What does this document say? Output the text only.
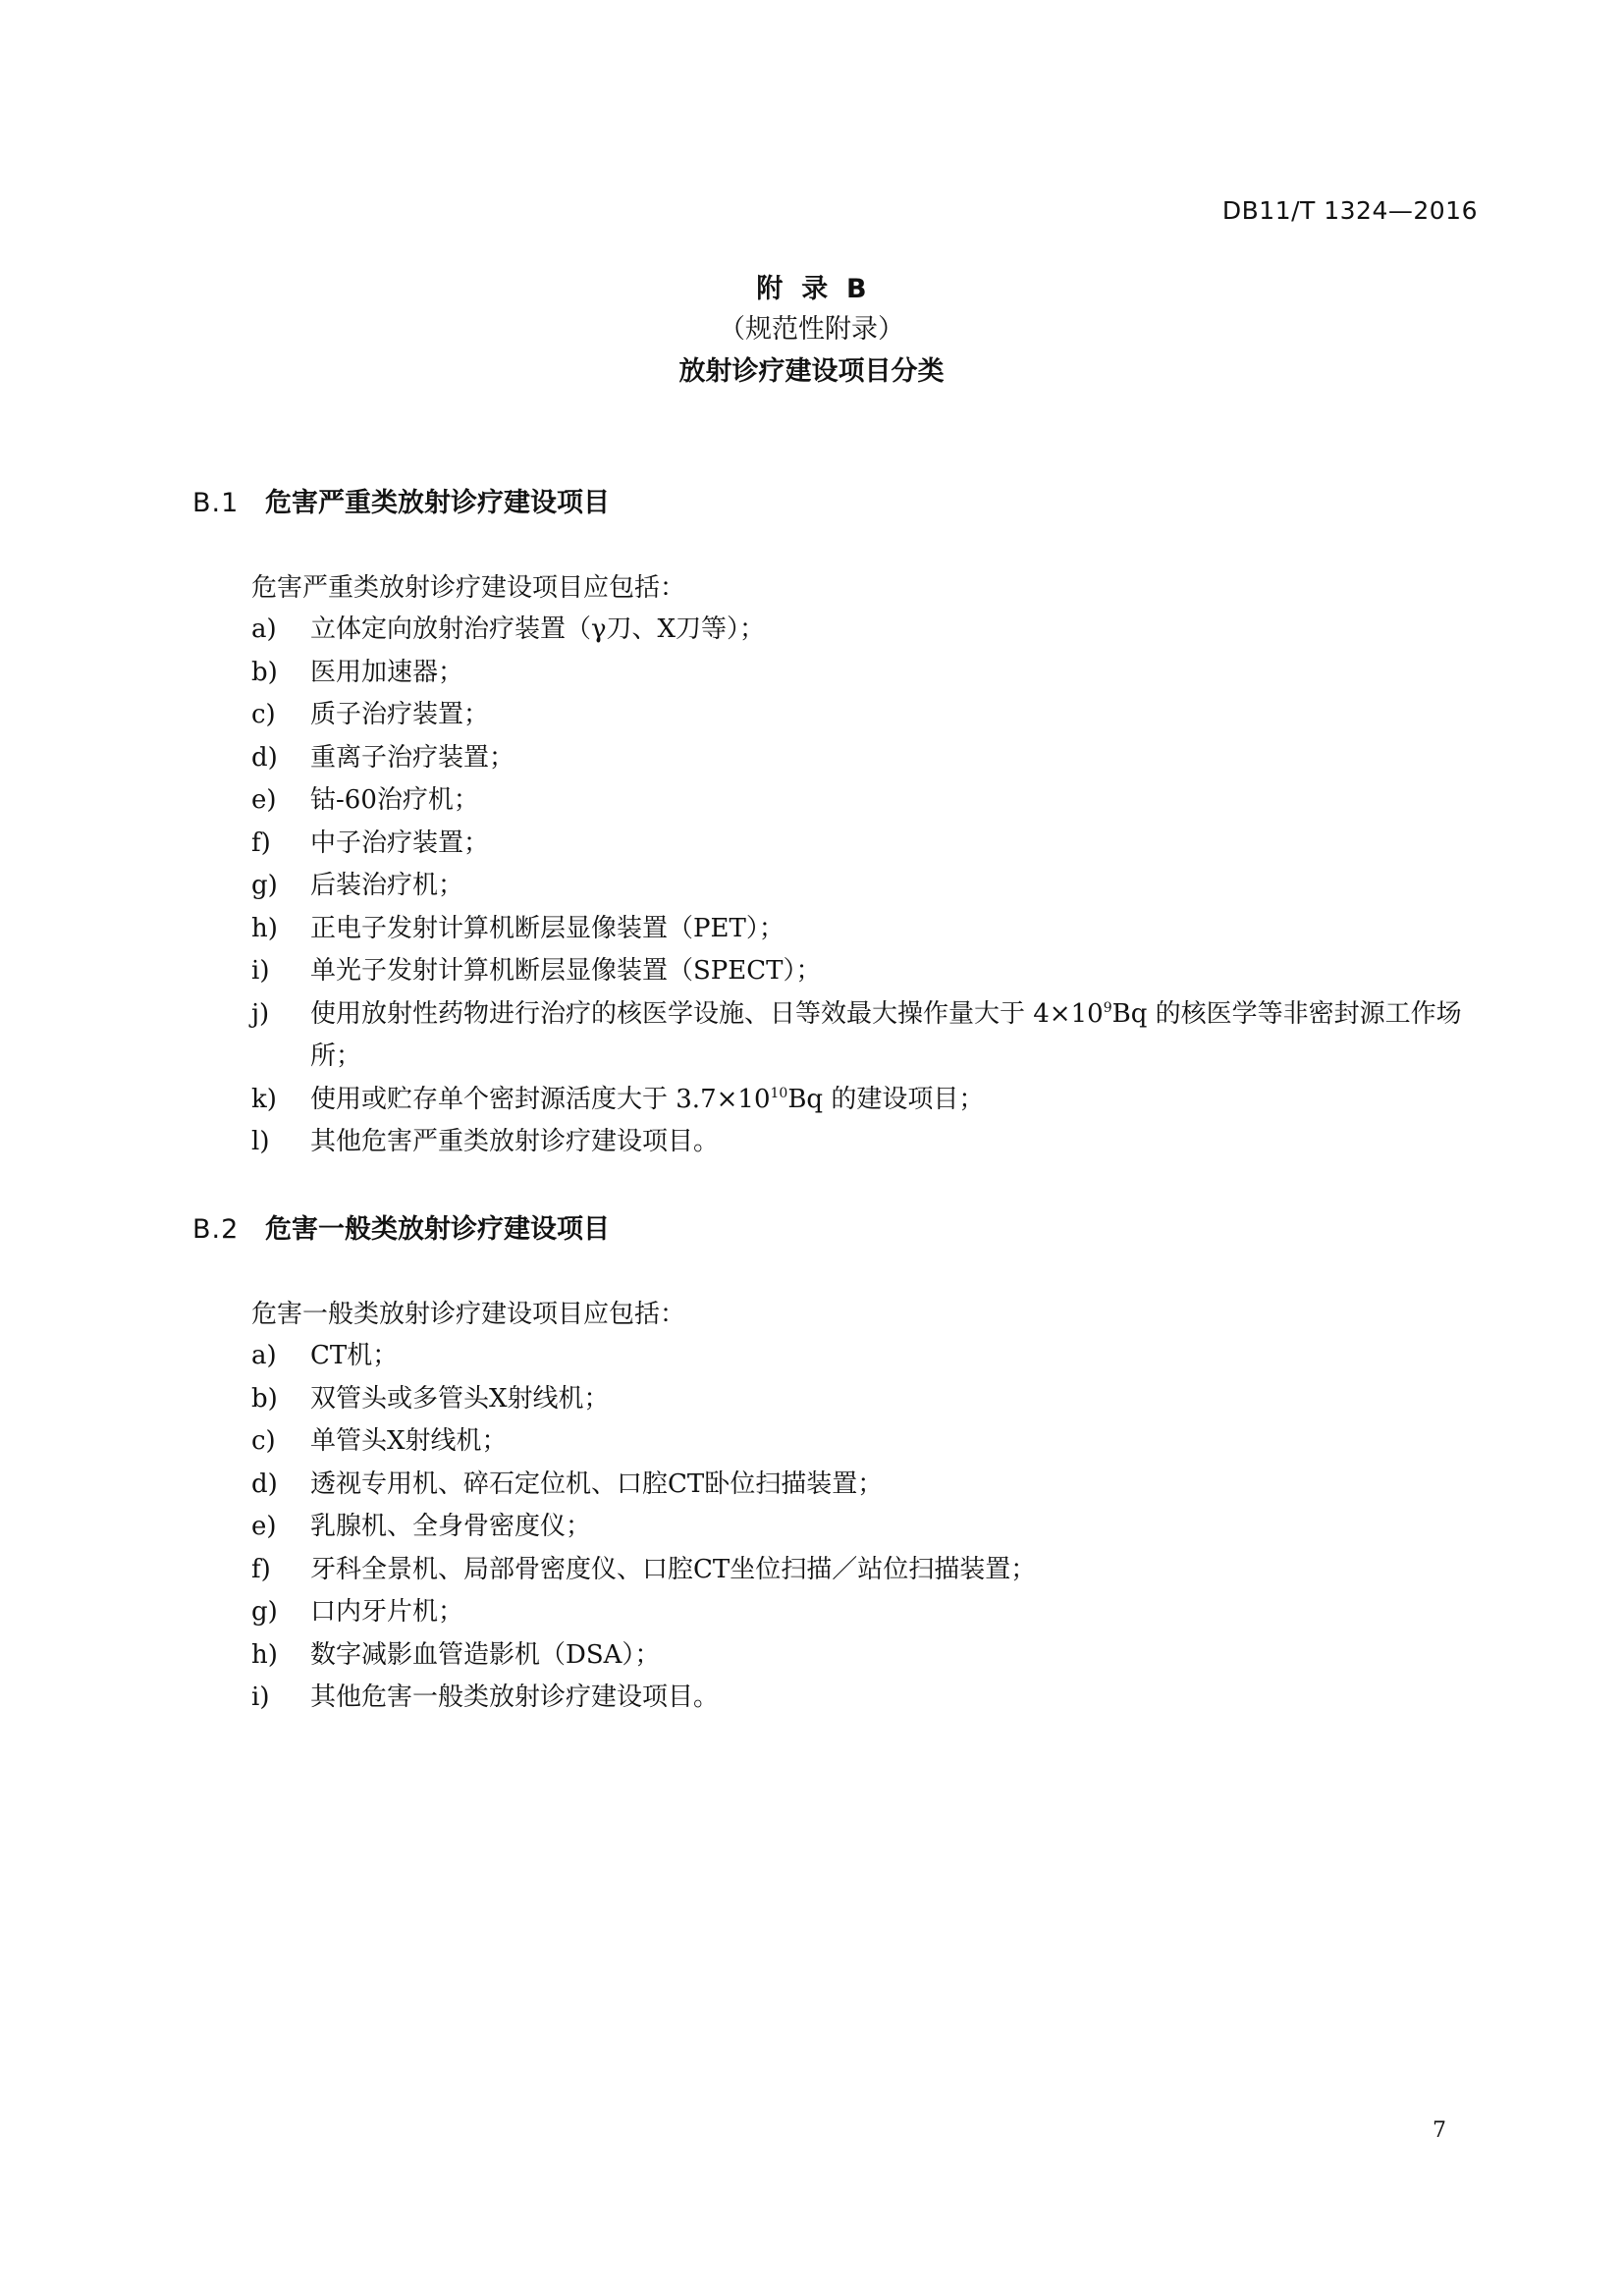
DB11/T 1324—2016
附  录  B
（规范性附录）
放射诊疗建设项目分类
B.1 危害严重类放射诊疗建设项目
危害严重类放射诊疗建设项目应包括：
a) 立体定向放射治疗装置（γ刀、X刀等）；
b) 医用加速器；
c) 质子治疗装置；
d) 重离子治疗装置；
e) 钴-60治疗机；
f) 中子治疗装置；
g) 后装治疗机；
h) 正电子发射计算机断层显像装置（PET）；
i) 单光子发射计算机断层显像装置（SPECT）；
j) 使用放射性药物进行治疗的核医学设施、日等效最大操作量大于 $4\times 10^9Bq$ 的核医学等非密封源工作场所；
k) 使用或贮存单个密封源活度大于 $3.7\times 10^{10}Bq$ 的建设项目；
l) 其他危害严重类放射诊疗建设项目。
B.2 危害一般类放射诊疗建设项目
危害一般类放射诊疗建设项目应包括：
a) CT机；
b) 双管头或多管头X射线机；
c) 单管头X射线机；
d) 透视专用机、碎石定位机、口腔CT卧位扫描装置；
e) 乳腺机、全身骨密度仪；
f) 牙科全景机、局部骨密度仪、口腔CT坐位扫描／站位扫描装置；
g) 口内牙片机；
h) 数字减影血管造影机（DSA）；
i) 其他危害一般类放射诊疗建设项目。
7
